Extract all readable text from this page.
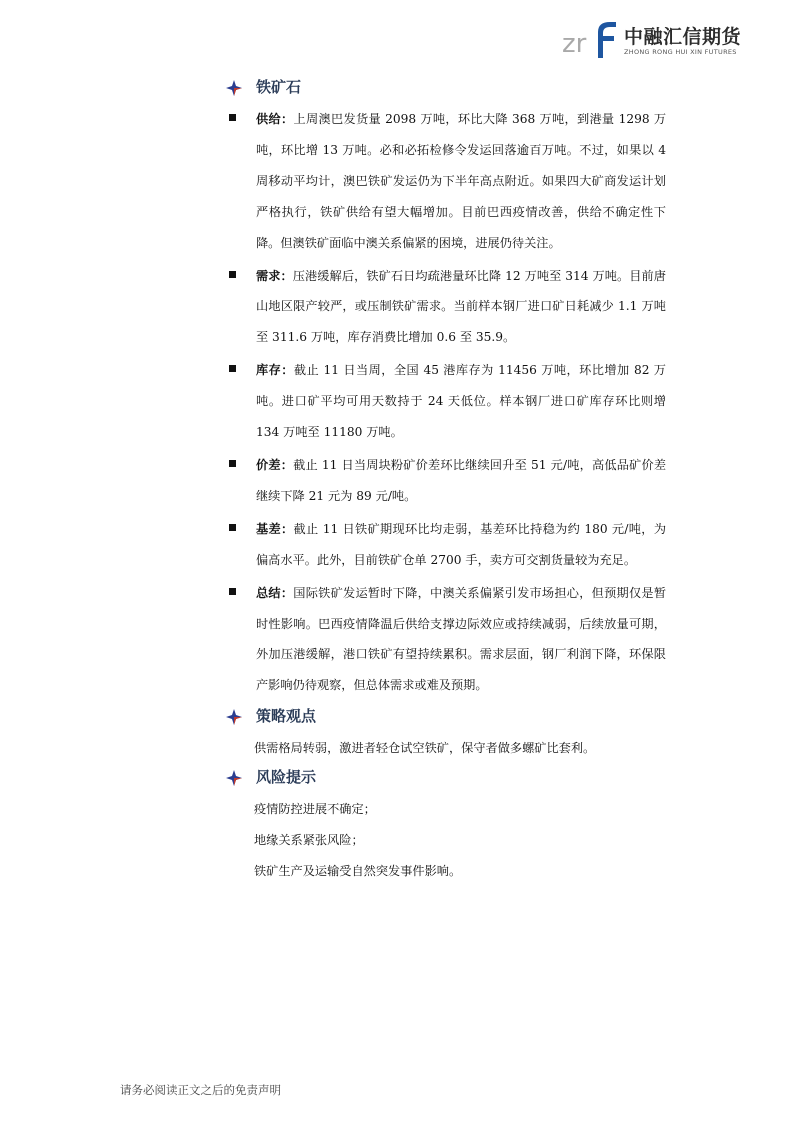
zr 中融汇信期货
ZHONG RONG HUI XIN FUTURES
铁矿石

供给：上周澳巴发货量 2098 万吨，环比大降 368 万吨，到港量 1298 万吨，环比增 13 万吨。必和必拓检修令发运回落逾百万吨。不过，如果以 4 周移动平均计，澳巴铁矿发运仍为下半年高点附近。如果四大矿商发运计划严格执行，铁矿供给有望大幅增加。目前巴西疫情改善，供给不确定性下降。但澳铁矿面临中澳关系偏紧的困境，进展仍待关注。

需求：压港缓解后，铁矿石日均疏港量环比降 12 万吨至 314 万吨。目前唐山地区限产较严，或压制铁矿需求。当前样本钢厂进口矿日耗减少 1.1 万吨至 311.6 万吨，库存消费比增加 0.6 至 35.9。

库存：截止 11 日当周，全国 45 港库存为 11456 万吨，环比增加 82 万吨。进口矿平均可用天数持于 24 天低位。样本钢厂进口矿库存环比则增 134 万吨至 11180 万吨。

价差：截止 11 日当周块粉矿价差环比继续回升至 51 元/吨，高低品矿价差继续下降 21 元为 89 元/吨。

基差：截止 11 日铁矿期现环比均走弱，基差环比持稳为约 180 元/吨，为偏高水平。此外，目前铁矿仓单 2700 手，卖方可交割货量较为充足。

总结：国际铁矿发运暂时下降，中澳关系偏紧引发市场担心，但预期仅是暂时性影响。巴西疫情降温后供给支撑边际效应或持续减弱，后续放量可期，外加压港缓解，港口铁矿有望持续累积。需求层面，钢厂利润下降，环保限产影响仍待观察，但总体需求或难及预期。

策略观点

供需格局转弱，激进者轻仓试空铁矿，保守者做多螺矿比套利。

风险提示

疫情防控进展不确定；

地缘关系紧张风险；

铁矿生产及运输受自然突发事件影响。

请务必阅读正文之后的免责声明
